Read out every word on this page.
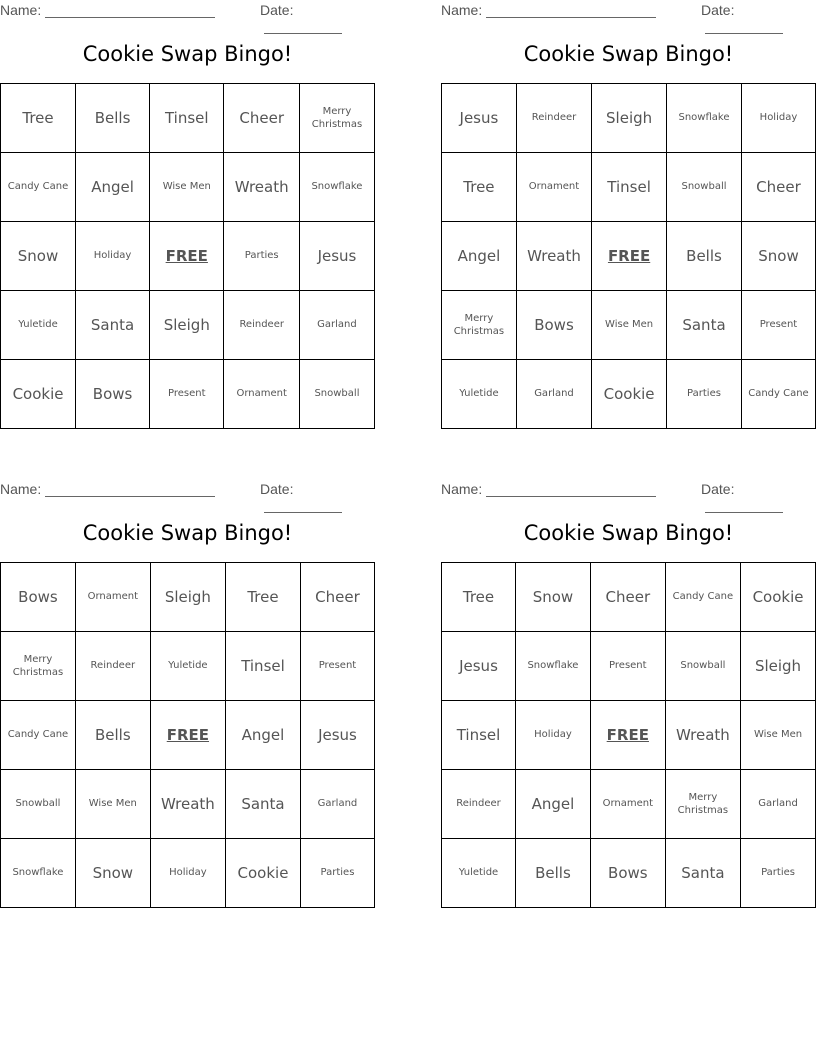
Name:	Date:
Cookie Swap Bingo!
Tree	Bells	Tinsel	Cheer	Merry Christmas
Candy Cane	Angel	Wise Men	Wreath	Snowflake
Snow	Holiday	FREE	Parties	Jesus
Yuletide	Santa	Sleigh	Reindeer	Garland
Cookie	Bows	Present	Ornament	Snowball
Name:	Date:
Cookie Swap Bingo!
Jesus	Reindeer	Sleigh	Snowflake	Holiday
Tree	Ornament	Tinsel	Snowball	Cheer
Angel	Wreath	FREE	Bells	Snow
Merry Christmas	Bows	Wise Men	Santa	Present
Yuletide	Garland	Cookie	Parties	Candy Cane
Name:	Date:
Cookie Swap Bingo!
Bows	Ornament	Sleigh	Tree	Cheer
Merry Christmas	Reindeer	Yuletide	Tinsel	Present
Candy Cane	Bells	FREE	Angel	Jesus
Snowball	Wise Men	Wreath	Santa	Garland
Snowflake	Snow	Holiday	Cookie	Parties
Name:	Date:
Cookie Swap Bingo!
Tree	Snow	Cheer	Candy Cane	Cookie
Jesus	Snowflake	Present	Snowball	Sleigh
Tinsel	Holiday	FREE	Wreath	Wise Men
Reindeer	Angel	Ornament	Merry Christmas	Garland
Yuletide	Bells	Bows	Santa	Parties
